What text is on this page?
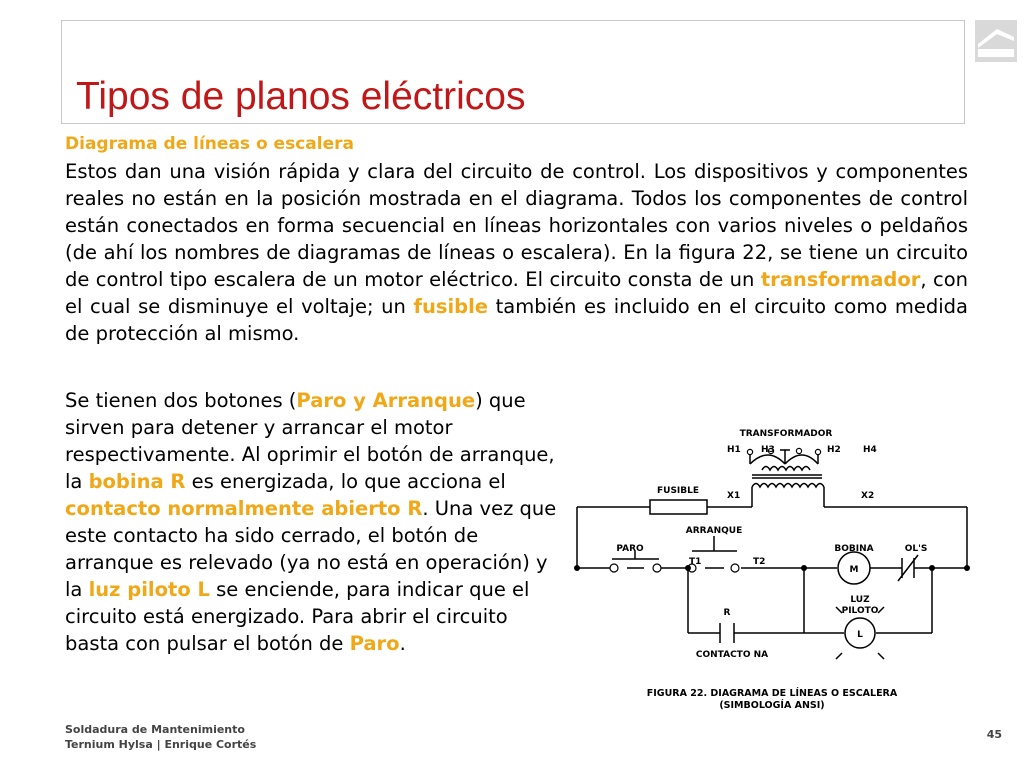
Tipos de planos eléctricos
Diagrama de líneas o escalera

Estos dan una visión rápida y clara del circuito de control. Los dispositivos y componentes reales no están en la posición mostrada en el diagrama. Todos los componentes de control están conectados en forma secuencial en líneas horizontales con varios niveles o peldaños (de ahí los nombres de diagramas de líneas o escalera). En la figura 22, se tiene un circuito de control tipo escalera de un motor eléctrico. El circuito consta de un transformador, con el cual se disminuye el voltaje; un fusible también es incluido en el circuito como medida de protección al mismo.

Se tienen dos botones (Paro y Arranque) que sirven para detener y arrancar el motor respectivamente. Al oprimir el botón de arranque, la bobina R es energizada, lo que acciona el contacto normalmente abierto R. Una vez que este contacto ha sido cerrado, el botón de arranque es relevado (ya no está en operación) y la luz piloto L se enciende, para indicar que el circuito está energizado. Para abrir el circuito basta con pulsar el botón de Paro.

TRANSFORMADOR
H1 H3	H2 H4
X1	X2
FUSIBLE
ARRANQUE
PARO
T1	T2
BOBINA	OL'S
M
R
LUZ
PILOTO
L
CONTACTO NA
FIGURA 22. DIAGRAMA DE LÍNEAS O ESCALERA
(SIMBOLOGÍA ANSI)
Soldadura de Mantenimiento
Ternium Hylsa | Enrique Cortés
45
